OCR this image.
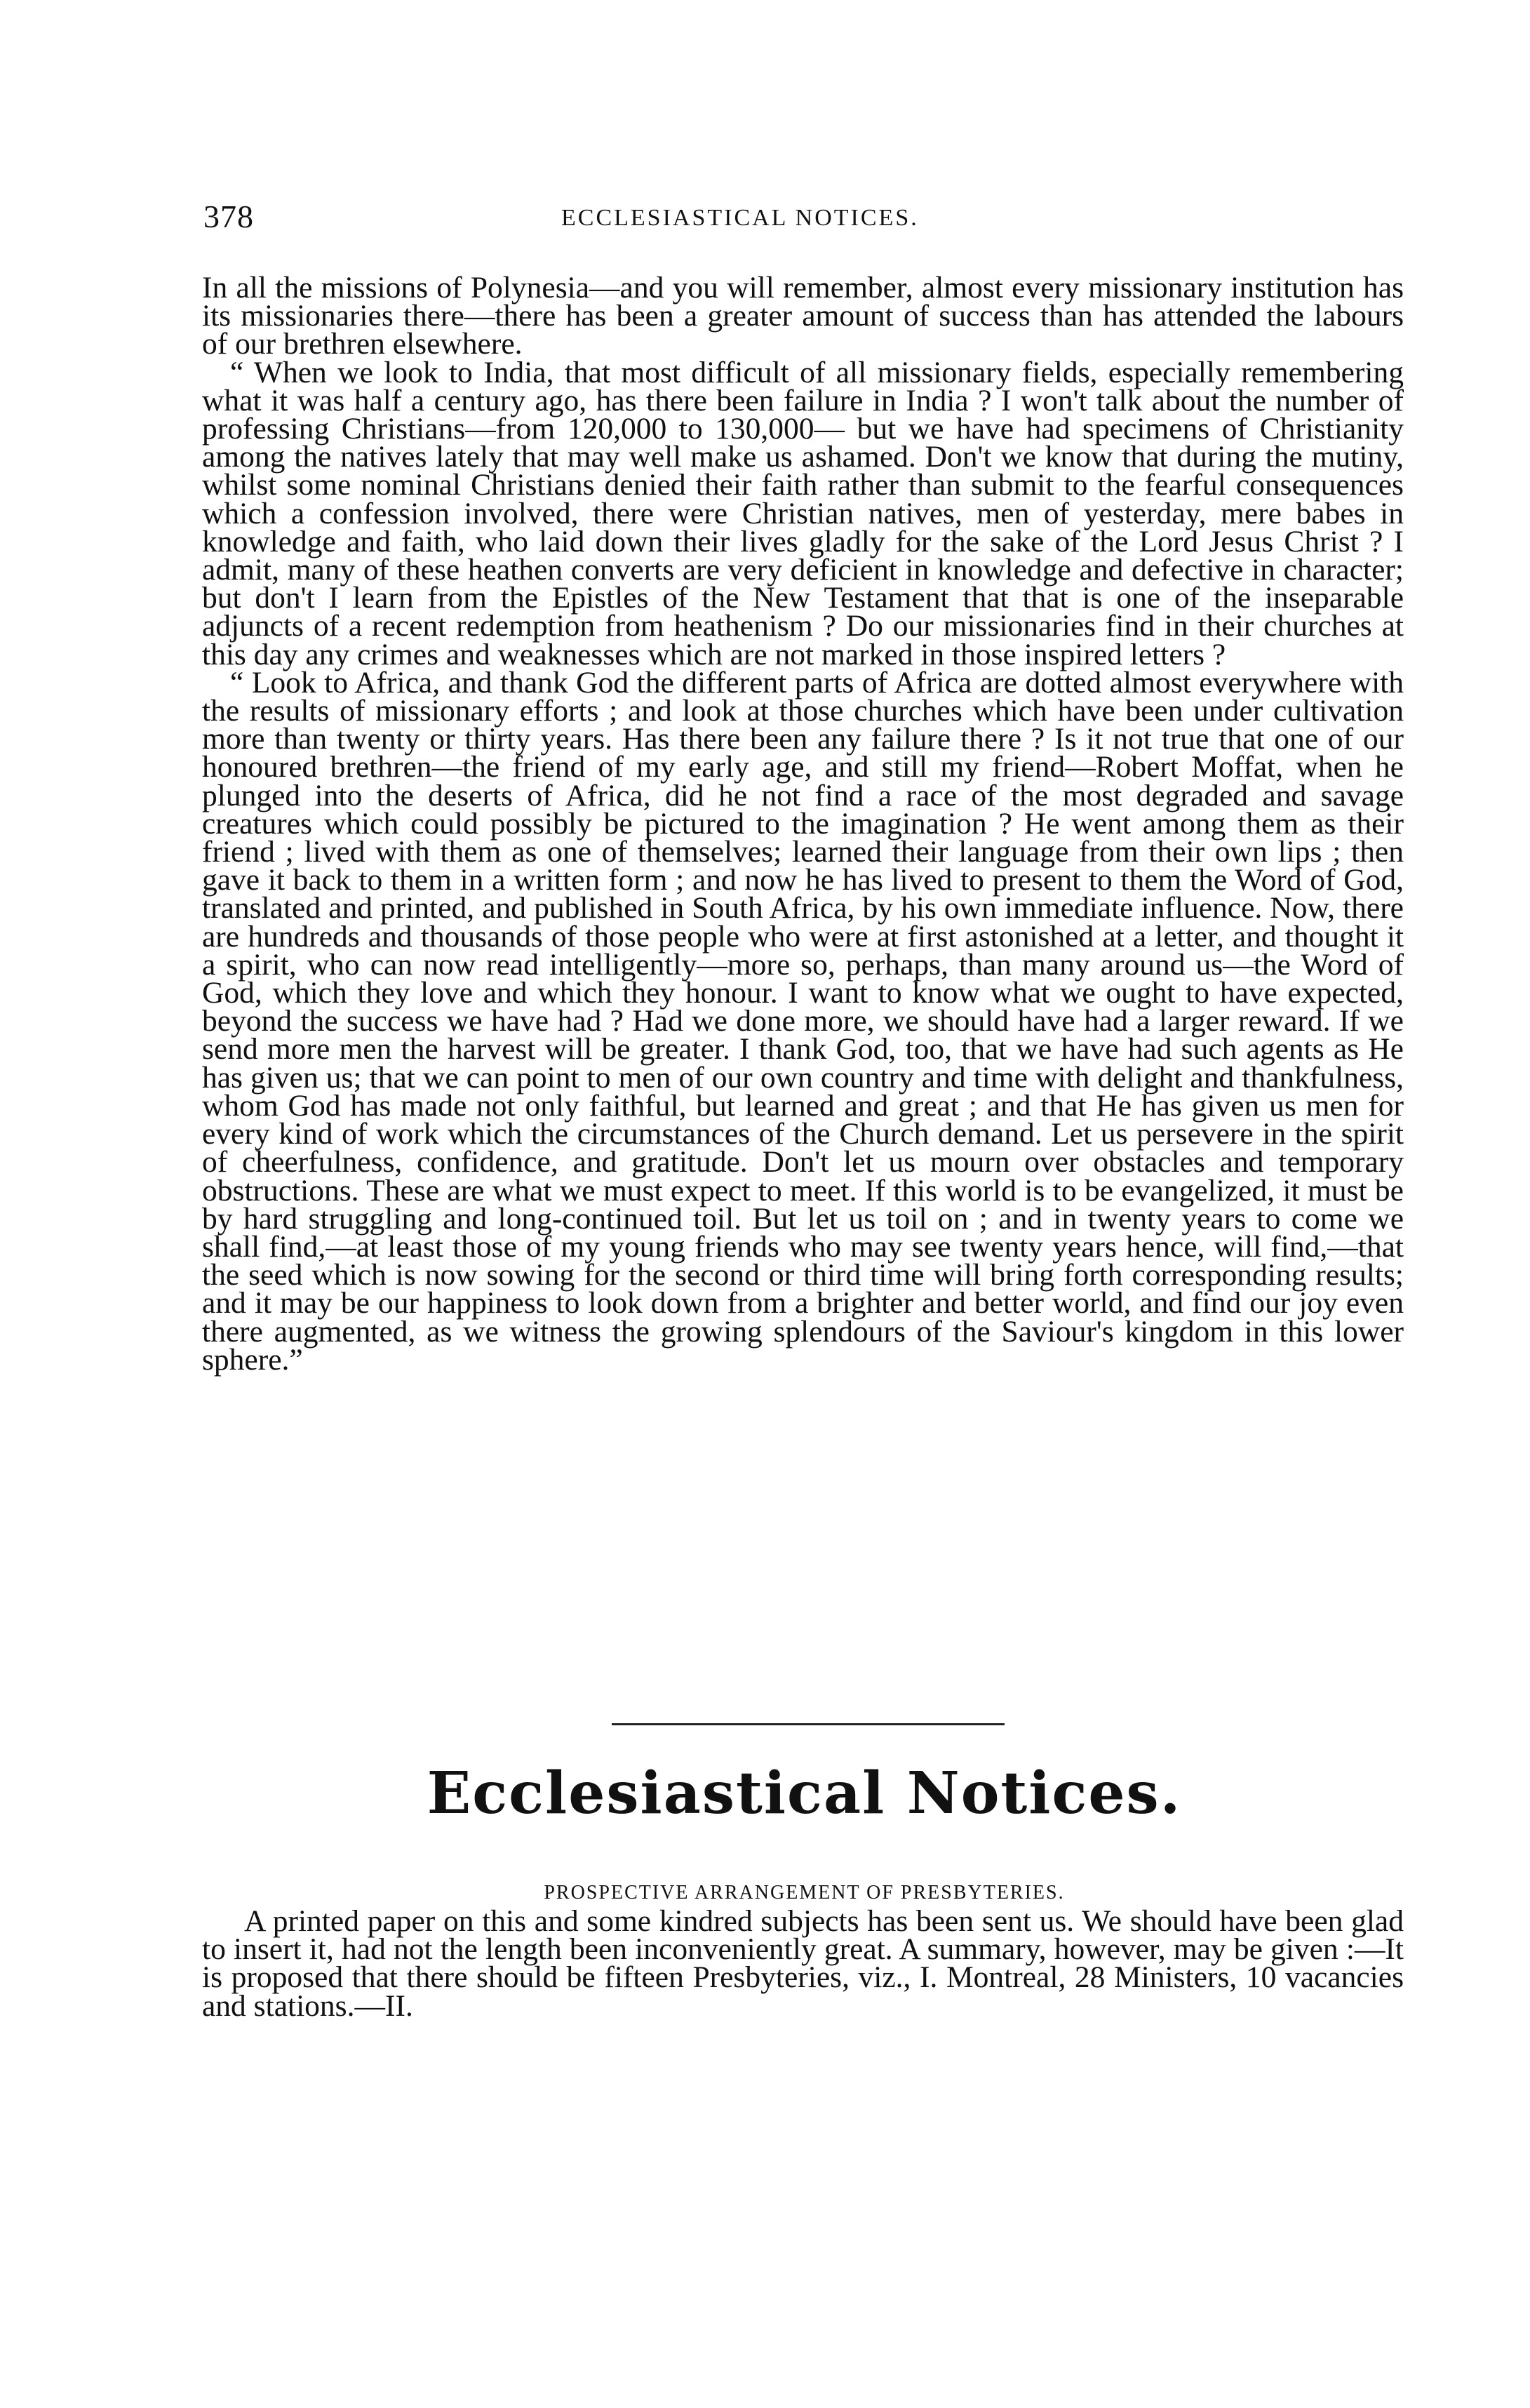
378	ECCLESIASTICAL NOTICES.

In all the missions of Polynesia—and you will remember, almost every missionary institution has its missionaries there—there has been a greater amount of success than has attended the labours of our brethren elsewhere.

“ When we look to India, that most difficult of all missionary fields, especially remembering what it was half a century ago, has there been failure in India ? I won't talk about the number of professing Christians—from 120,000 to 130,000— but we have had specimens of Christianity among the natives lately that may well make us ashamed. Don't we know that during the mutiny, whilst some nominal Christians denied their faith rather than submit to the fearful consequences which a confession involved, there were Christian natives, men of yesterday, mere babes in knowledge and faith, who laid down their lives gladly for the sake of the Lord Jesus Christ ? I admit, many of these heathen converts are very deficient in knowledge and defective in character; but don't I learn from the Epistles of the New Testament that that is one of the inseparable adjuncts of a recent redemption from heathenism ? Do our missionaries find in their churches at this day any crimes and weaknesses which are not marked in those inspired letters ?

“ Look to Africa, and thank God the different parts of Africa are dotted almost everywhere with the results of missionary efforts ; and look at those churches which have been under cultivation more than twenty or thirty years. Has there been any failure there ? Is it not true that one of our honoured brethren—the friend of my early age, and still my friend—Robert Moffat, when he plunged into the deserts of Africa, did he not find a race of the most degraded and savage creatures which could possibly be pictured to the imagination ? He went among them as their friend ; lived with them as one of themselves; learned their language from their own lips ; then gave it back to them in a written form ; and now he has lived to present to them the Word of God, translated and printed, and published in South Africa, by his own immediate influence. Now, there are hundreds and thousands of those people who were at first astonished at a letter, and thought it a spirit, who can now read intelligently—more so, perhaps, than many around us—the Word of God, which they love and which they honour. I want to know what we ought to have expected, beyond the success we have had ? Had we done more, we should have had a larger reward. If we send more men the harvest will be greater. I thank God, too, that we have had such agents as He has given us; that we can point to men of our own country and time with delight and thankfulness, whom God has made not only faithful, but learned and great ; and that He has given us men for every kind of work which the circumstances of the Church demand. Let us persevere in the spirit of cheerfulness, confidence, and gratitude. Don't let us mourn over obstacles and temporary obstructions. These are what we must expect to meet. If this world is to be evangelized, it must be by hard struggling and long-continued toil. But let us toil on ; and in twenty years to come we shall find,—at least those of my young friends who may see twenty years hence, will find,—that the seed which is now sowing for the second or third time will bring forth corresponding results; and it may be our happiness to look down from a brighter and better world, and find our joy even there augmented, as we witness the growing splendours of the Saviour's kingdom in this lower sphere.”

Ecclesiastical Notices.
PROSPECTIVE ARRANGEMENT OF PRESBYTERIES.

A printed paper on this and some kindred subjects has been sent us. We should have been glad to insert it, had not the length been inconveniently great. A summary, however, may be given :—It is proposed that there should be fifteen Presbyteries, viz., I. Montreal, 28 Ministers, 10 vacancies and stations.—II.
